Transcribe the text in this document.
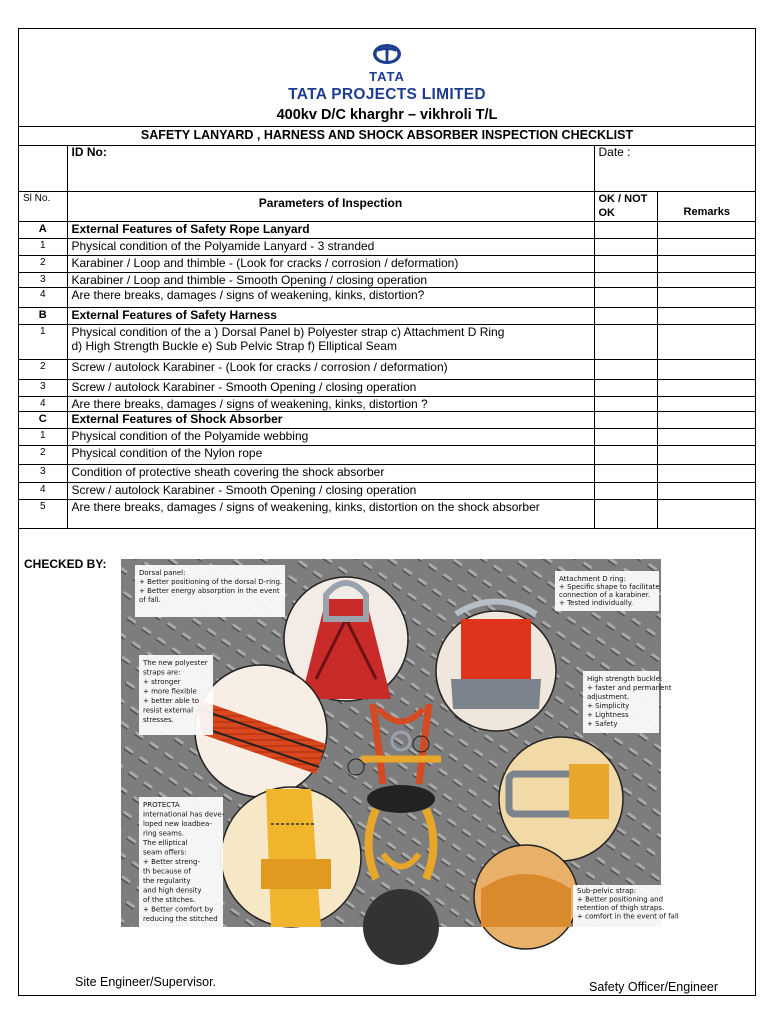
TATA
TATA PROJECTS LIMITED
400kv D/C kharghr – vikhroli T/L
SAFETY LANYARD , HARNESS AND SHOCK ABSORBER INSPECTION CHECKLIST
	ID No:	Date :	
Sl No.	Parameters of Inspection	OK / NOT OK	Remarks
A	External Features of Safety Rope Lanyard		
1	Physical condition of the Polyamide Lanyard - 3 stranded		
2	Karabiner / Loop and thimble - (Look for cracks / corrosion / deformation)		
3	Karabiner / Loop and thimble - Smooth Opening / closing operation		
4	Are there breaks, damages / signs of weakening, kinks, distortion?		
B	External Features of Safety Harness		
1	Physical condition of the a ) Dorsal Panel b) Polyester strap c) Attachment D Ring
d) High Strength Buckle e) Sub Pelvic Strap f) Elliptical Seam		
2	Screw / autolock Karabiner - (Look for cracks / corrosion / deformation)		
3	Screw / autolock Karabiner - Smooth Opening / closing operation		
4	Are there breaks, damages / signs of weakening, kinks, distortion ?		
C	External Features of Shock Absorber		
1	Physical condition of the Polyamide webbing		
2	Physical condition of the Nylon rope		
3	Condition of protective sheath covering the shock absorber		
4	Screw / autolock Karabiner - Smooth Opening / closing operation		
5	Are there breaks, damages / signs of weakening, kinks, distortion on the shock absorber		
CHECKED BY:
Dorsal panel: + Better positioning of the dorsal D-ring. + Better energy absorption in the event of fall.
Attachment D ring: + Specific shape to facilitate connection of a karabiner. + Tested individually.
The new polyester straps are: + stronger + more flexible + better able to resist external stresses.
High strength buckle: + faster and permanent adjustment. + Simplicity + Lightness + Safety
PROTECTA International has deve-loped new loadbea-ring seams. The elliptical seam offers: + Better streng-th because of the regularity and high density of the stitches. + Better comfort by reducing the stitched
Sub-pelvic strap: + Better positioning and retention of thigh straps. + comfort in the event of fall
Site Engineer/Supervisor.	Safety Officer/Engineer
